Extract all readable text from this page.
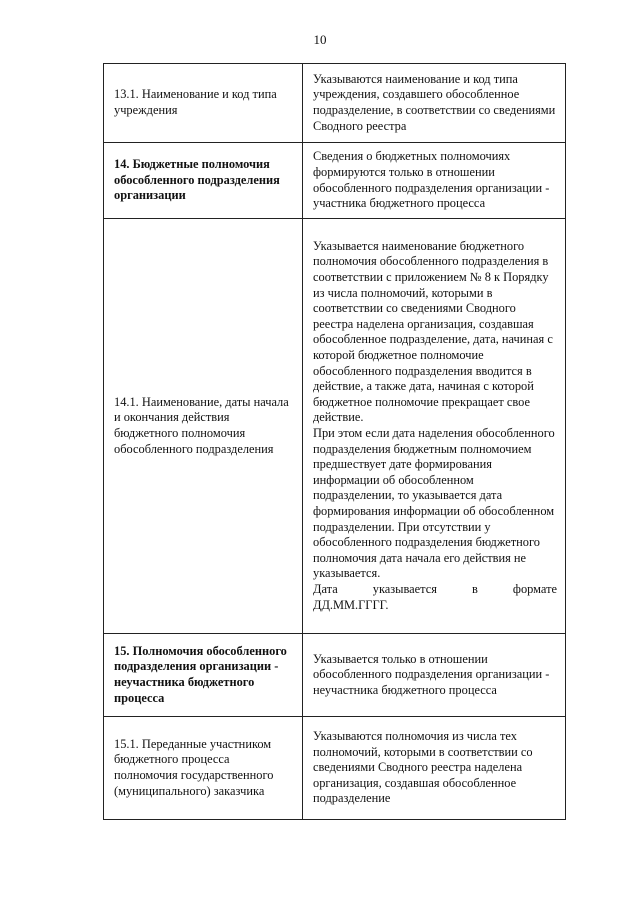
10
13.1. Наименование и код типа учреждения	Указываются наименование и код типа учреждения, создавшего обособленное подразделение, в соответствии со сведениями Сводного реестра
14. Бюджетные полномочия обособленного подразделения организации	Сведения о бюджетных полномочиях формируются только в отношении обособленного подразделения организации - участника бюджетного процесса
14.1. Наименование, даты начала и окончания действия бюджетного полномочия обособленного подразделения	Указывается наименование бюджетного полномочия обособленного подразделения в соответствии с приложением № 8 к Порядку из числа полномочий, которыми в соответствии со сведениями Сводного реестра наделена организация, создавшая обособленное подразделение, дата, начиная с которой бюджетное полномочие обособленного подразделения вводится в действие, а также дата, начиная с которой бюджетное полномочие прекращает свое действие.
При этом если дата наделения обособленного подразделения бюджетным полномочием предшествует дате формирования информации об обособленном подразделении, то указывается дата формирования информации об обособленном подразделении. При отсутствии у обособленного подразделения бюджетного полномочия дата начала его действия не указывается.
Дата указывается в формате
ДД.ММ.ГГГГ.

15. Полномочия обособленного подразделения организации - неучастника бюджетного процесса	Указывается только в отношении обособленного подразделения организации - неучастника бюджетного процесса
15.1. Переданные участником бюджетного процесса полномочия государственного (муниципального) заказчика	Указываются полномочия из числа тех полномочий, которыми в соответствии со сведениями Сводного реестра наделена организация, создавшая обособленное подразделение
